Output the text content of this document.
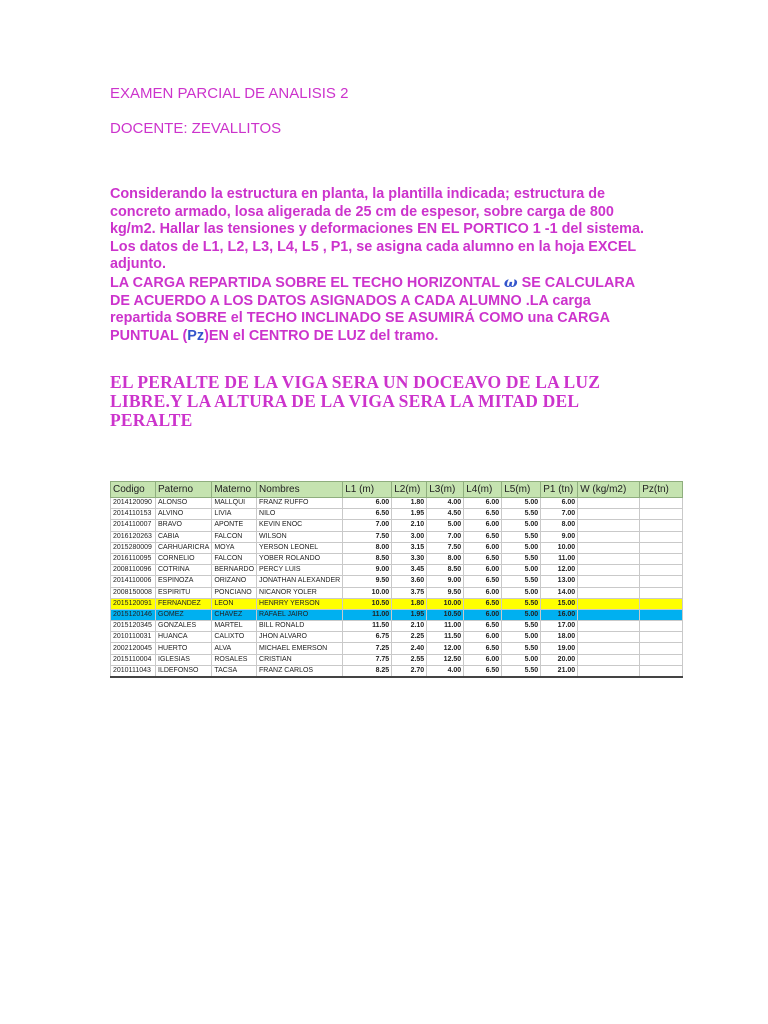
EXAMEN PARCIAL DE ANALISIS 2
DOCENTE: ZEVALLITOS

Considerando la estructura en planta, la plantilla indicada; estructura de concreto armado, losa aligerada de 25 cm de espesor, sobre carga de 800 kg/m2. Hallar las tensiones y deformaciones EN EL PORTICO 1 -1 del sistema.

Los datos de L1, L2, L3, L4, L5 , P1, se asigna cada alumno en la hoja EXCEL adjunto.

LA CARGA REPARTIDA SOBRE EL TECHO HORIZONTAL ω SE CALCULARA DE ACUERDO A LOS DATOS ASIGNADOS A CADA ALUMNO .LA carga repartida SOBRE el TECHO INCLINADO SE ASUMIRÁ COMO una CARGA PUNTUAL (Pz)EN el CENTRO DE LUZ del tramo.

EL PERALTE DE LA VIGA SERA UN DOCEAVO DE LA LUZ LIBRE.Y LA ALTURA DE LA VIGA SERA LA MITAD DEL PERALTE
Codigo	Paterno	Materno	Nombres	L1 (m)	L2(m)	L3(m)	L4(m)	L5(m)	P1 (tn)	W (kg/m2)	Pz(tn)
2014120090	ALONSO	MALLQUI	FRANZ RUFFO	6.00	1.80	4.00	6.00	5.00	6.00		
2014110153	ALVINO	LIVIA	NILO	6.50	1.95	4.50	6.50	5.50	7.00		
2014110007	BRAVO	APONTE	KEVIN ENOC	7.00	2.10	5.00	6.00	5.00	8.00		
2016120263	CABIA	FALCON	WILSON	7.50	3.00	7.00	6.50	5.50	9.00		
2015280009	CARHUARICRA	MOYA	YERSON LEONEL	8.00	3.15	7.50	6.00	5.00	10.00		
2016110095	CORNELIO	FALCON	YOBER ROLANDO	8.50	3.30	8.00	6.50	5.50	11.00		
2008110096	COTRINA	BERNARDO	PERCY LUIS	9.00	3.45	8.50	6.00	5.00	12.00		
2014110006	ESPINOZA	ORIZANO	JONATHAN ALEXANDER	9.50	3.60	9.00	6.50	5.50	13.00		
2008150008	ESPIRITU	PONCIANO	NICANOR YOLER	10.00	3.75	9.50	6.00	5.00	14.00		
2015120091	FERNANDEZ	LEON	HENRRY YERSON	10.50	1.80	10.00	6.50	5.50	15.00		
2015120146	GOMEZ	CHAVEZ	RAFAEL JAIRO	11.00	1.95	10.50	6.00	5.00	16.00		
2015120345	GONZALES	MARTEL	BILL RONALD	11.50	2.10	11.00	6.50	5.50	17.00		
2010110031	HUANCA	CALIXTO	JHON ALVARO	6.75	2.25	11.50	6.00	5.00	18.00		
2002120045	HUERTO	ALVA	MICHAEL EMERSON	7.25	2.40	12.00	6.50	5.50	19.00		
2015110004	IGLESIAS	ROSALES	CRISTIAN	7.75	2.55	12.50	6.00	5.00	20.00		
2010111043	ILDEFONSO	TACSA	FRANZ CARLOS	8.25	2.70	4.00	6.50	5.50	21.00		
